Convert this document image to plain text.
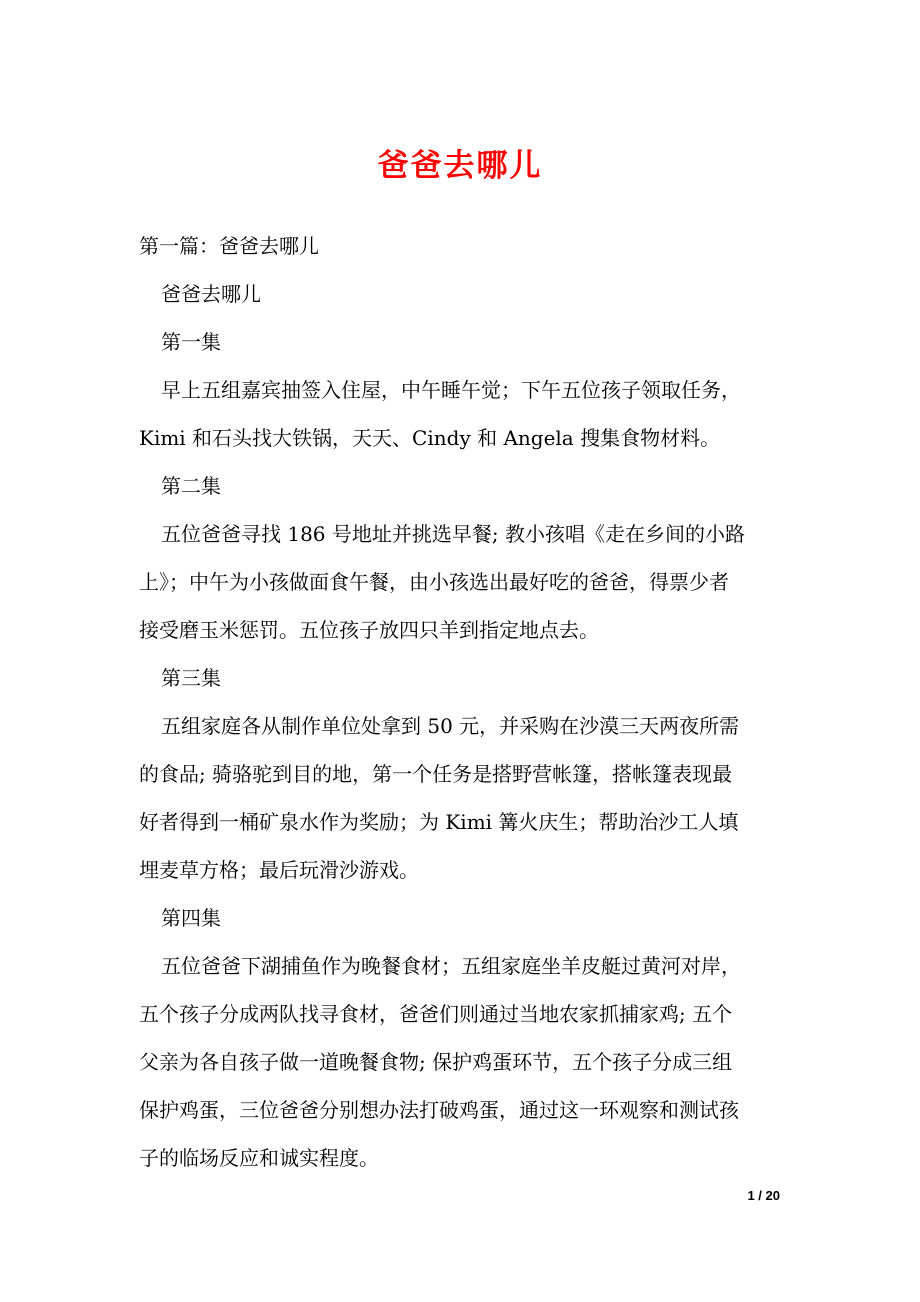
爸爸去哪儿
第一篇：爸爸去哪儿
爸爸去哪儿
第一集
早上五组嘉宾抽签入住屋，中午睡午觉；下午五位孩子领取任务，
Kimi 和石头找大铁锅，天天、Cindy 和 Angela 搜集食物材料。
第二集
五位爸爸寻找 186 号地址并挑选早餐; 教小孩唱《走在乡间的小路
上》；中午为小孩做面食午餐，由小孩选出最好吃的爸爸，得票少者
接受磨玉米惩罚。五位孩子放四只羊到指定地点去。
第三集
五组家庭各从制作单位处拿到 50 元，并采购在沙漠三天两夜所需
的食品; 骑骆驼到目的地，第一个任务是搭野营帐篷，搭帐篷表现最
好者得到一桶矿泉水作为奖励；为 Kimi 篝火庆生；帮助治沙工人填
埋麦草方格；最后玩滑沙游戏。
第四集
五位爸爸下湖捕鱼作为晚餐食材；五组家庭坐羊皮艇过黄河对岸，
五个孩子分成两队找寻食材，爸爸们则通过当地农家抓捕家鸡; 五个
父亲为各自孩子做一道晚餐食物; 保护鸡蛋环节，五个孩子分成三组
保护鸡蛋，三位爸爸分别想办法打破鸡蛋，通过这一环观察和测试孩
子的临场反应和诚实程度。
1 / 20
